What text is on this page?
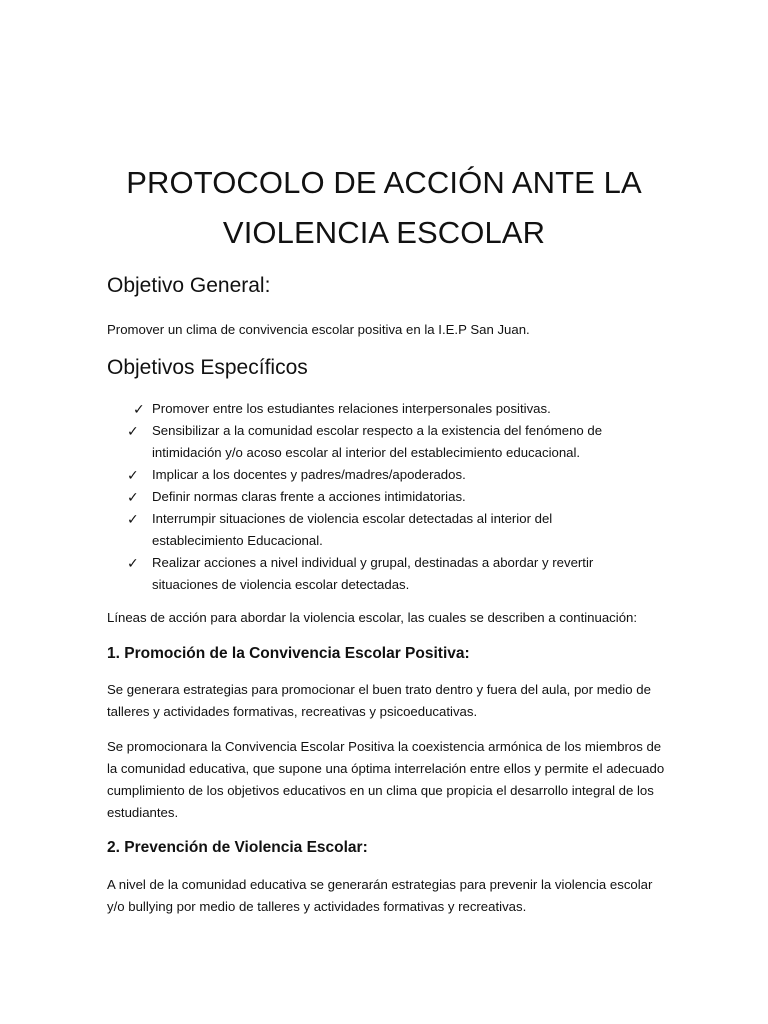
PROTOCOLO DE ACCIÓN ANTE LA
VIOLENCIA ESCOLAR
Objetivo General:

Promover un clima de convivencia escolar positiva en la I.E.P San Juan.

Objetivos Específicos
✓ Promover entre los estudiantes relaciones interpersonales positivas.
✓ Sensibilizar a la comunidad escolar respecto a la existencia del fenómeno de intimidación y/o acoso escolar al interior del establecimiento educacional.
✓ Implicar a los docentes y padres/madres/apoderados.
✓ Definir normas claras frente a acciones intimidatorias.
✓ Interrumpir situaciones de violencia escolar detectadas al interior del establecimiento Educacional.
✓ Realizar acciones a nivel individual y grupal, destinadas a abordar y revertir situaciones de violencia escolar detectadas.

Líneas de acción para abordar la violencia escolar, las cuales se describen a continuación:

1. Promoción de la Convivencia Escolar Positiva:

Se generara estrategias para promocionar el buen trato dentro y fuera del aula, por medio de talleres y actividades formativas, recreativas y psicoeducativas.

Se promocionara la Convivencia Escolar Positiva la coexistencia armónica de los miembros de la comunidad educativa, que supone una óptima interrelación entre ellos y permite el adecuado cumplimiento de los objetivos educativos en un clima que propicia el desarrollo integral de los estudiantes.

2. Prevención de Violencia Escolar:

A nivel de la comunidad educativa se generarán estrategias para prevenir la violencia escolar y/o bullying por medio de talleres y actividades formativas y recreativas.
